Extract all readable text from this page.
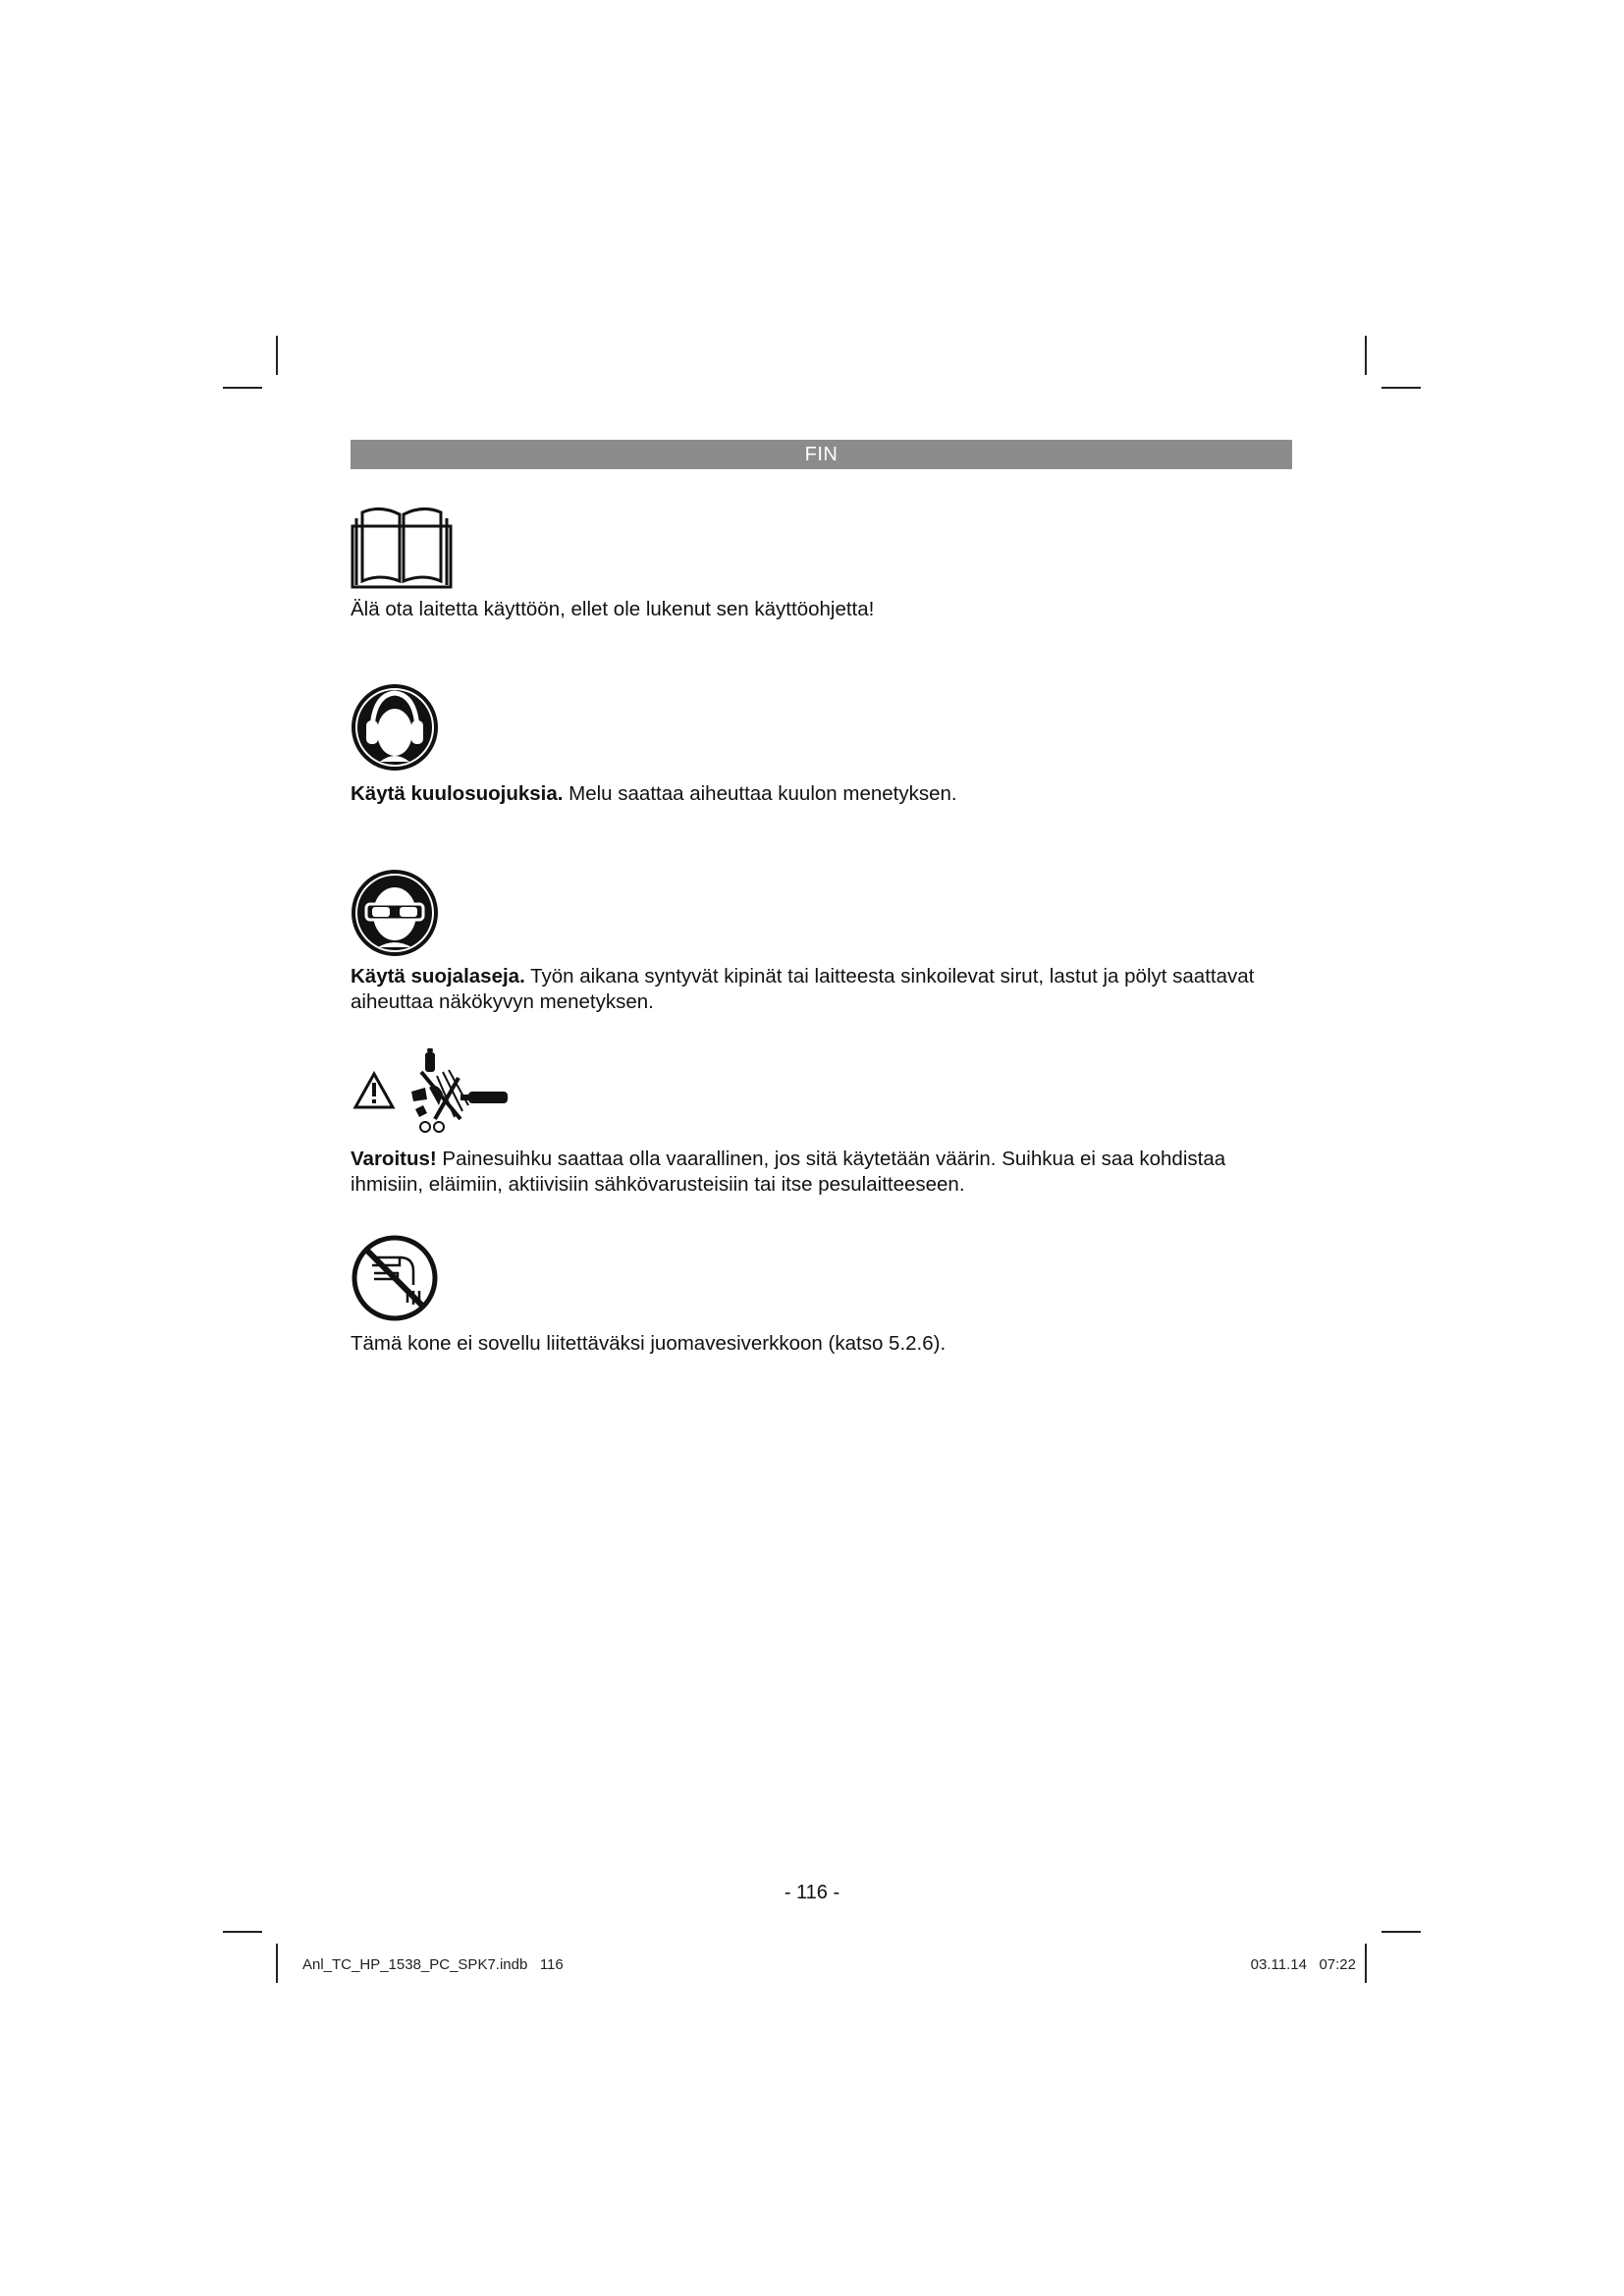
FIN

Älä ota laitetta käyttöön, ellet ole lukenut sen käyttöohjetta!

Käytä kuulosuojuksia. Melu saattaa aiheuttaa kuulon menetyksen.

Käytä suojalaseja. Työn aikana syntyvät kipinät tai laitteesta sinkoilevat sirut, lastut ja pölyt saattavat aiheuttaa näkökyvyn menetyksen.

Varoitus! Painesuihku saattaa olla vaarallinen, jos sitä käytetään väärin. Suihkua ei saa kohdistaa ihmisiin, eläimiin, aktiivisiin sähkövarusteisiin tai itse pesulaitteeseen.

Tämä kone ei sovellu liitettäväksi juomavesiverkkoon (katso 5.2.6).

- 116 -
Anl_TC_HP_1538_PC_SPK7.indb   116	03.11.14   07:22
